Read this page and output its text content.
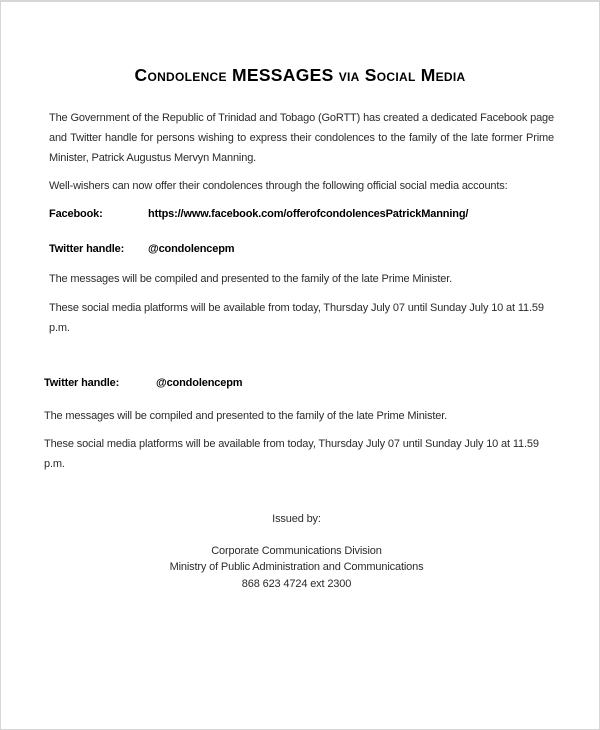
Condolence MESSAGES via Social Media

The Government of the Republic of Trinidad and Tobago (GoRTT) has created a dedicated Facebook page and Twitter handle for persons wishing to express their condolences to the family of the late former Prime Minister, Patrick Augustus Mervyn Manning.

Well-wishers can now offer their condolences through the following official social media accounts:

Facebook:	https://www.facebook.com/offerofcondolencesPatrickManning/
Twitter handle: @condolencepm

The messages will be compiled and presented to the family of the late Prime Minister.

These social media platforms will be available from today, Thursday July 07 until Sunday July 10 at 11.59 p.m.

Twitter handle:	@condolencepm

The messages will be compiled and presented to the family of the late Prime Minister.

These social media platforms will be available from today, Thursday July 07 until Sunday July 10 at 11.59 p.m.

Issued by:

Corporate Communications Division

Ministry of Public Administration and Communications

868 623 4724 ext 2300
